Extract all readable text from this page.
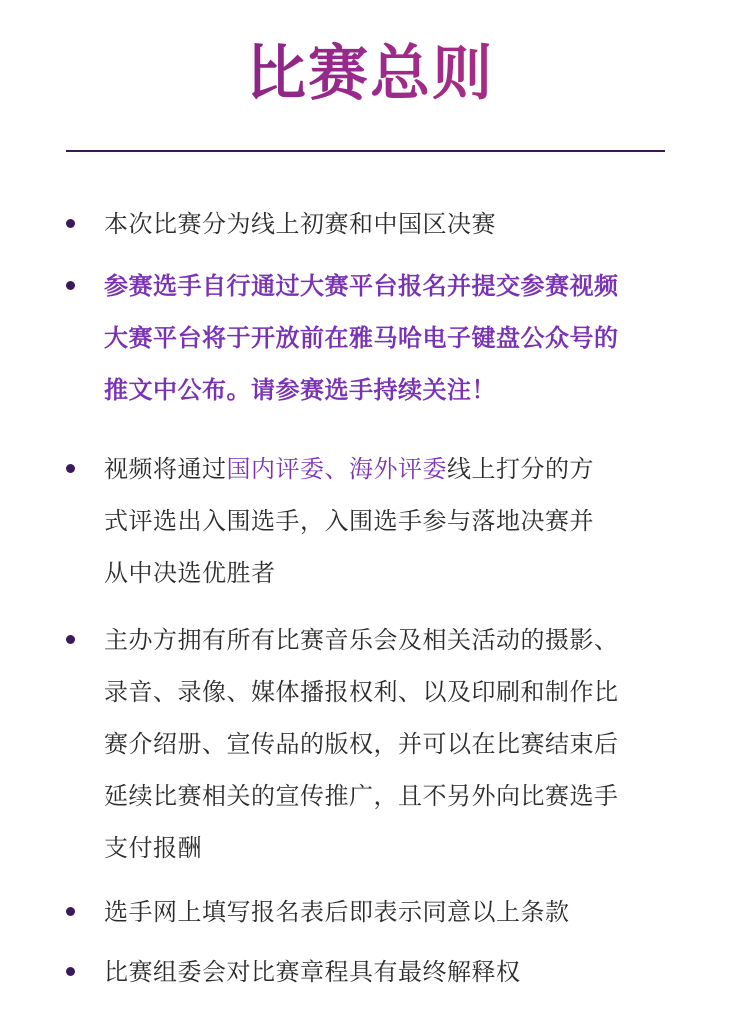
比赛总则
本次比赛分为线上初赛和中国区决赛
参赛选手自行通过大赛平台报名并提交参赛视频
大赛平台将于开放前在雅马哈电子键盘公众号的
推文中公布。请参赛选手持续关注！
视频将通过国内评委、海外评委线上打分的方
式评选出入围选手，入围选手参与落地决赛并
从中决选优胜者
主办方拥有所有比赛音乐会及相关活动的摄影、
录音、录像、媒体播报权利、以及印刷和制作比
赛介绍册、宣传品的版权，并可以在比赛结束后
延续比赛相关的宣传推广，且不另外向比赛选手
支付报酬
选手网上填写报名表后即表示同意以上条款
比赛组委会对比赛章程具有最终解释权
